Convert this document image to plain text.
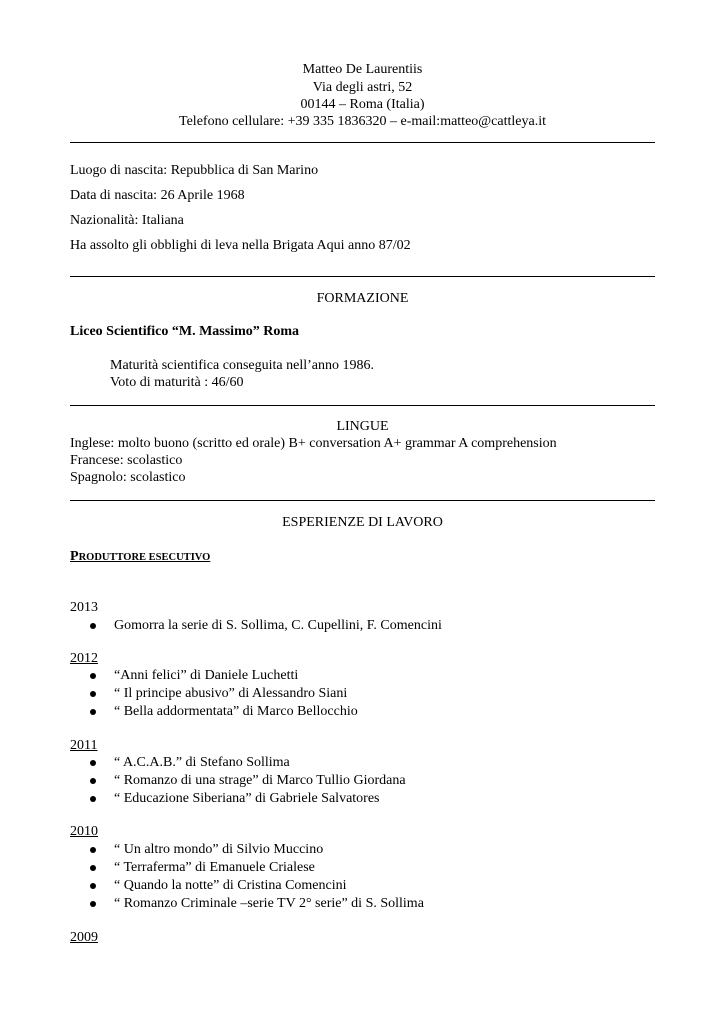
Matteo De Laurentiis
Via degli astri, 52
00144 – Roma (Italia)
Telefono cellulare: +39 335 1836320 – e-mail:matteo@cattleya.it
Luogo di nascita: Repubblica di San Marino
Data di nascita: 26 Aprile 1968
Nazionalità: Italiana
Ha assolto gli obblighi di leva nella Brigata Aqui anno 87/02
FORMAZIONE
Liceo Scientifico “M. Massimo” Roma
Maturità scientifica conseguita nell’anno 1986.
Voto di maturità : 46/60
LINGUE
Inglese: molto buono (scritto ed orale) B+ conversation A+ grammar A comprehension
Francese: scolastico
Spagnolo: scolastico
ESPERIENZE DI LAVORO
PRODUTTORE ESECUTIVO
2013
Gomorra la serie di S. Sollima, C. Cupellini, F. Comencini
2012
“Anni felici” di Daniele Luchetti
“ Il principe abusivo” di Alessandro Siani
“ Bella addormentata” di Marco Bellocchio
2011
“ A.C.A.B.” di Stefano Sollima
“ Romanzo di una strage” di Marco Tullio Giordana
“ Educazione Siberiana” di Gabriele Salvatores
2010
“ Un altro mondo” di Silvio Muccino
“ Terraferma” di Emanuele Crialese
“ Quando la notte” di Cristina Comencini
“ Romanzo Criminale –serie TV 2° serie” di S. Sollima
2009
